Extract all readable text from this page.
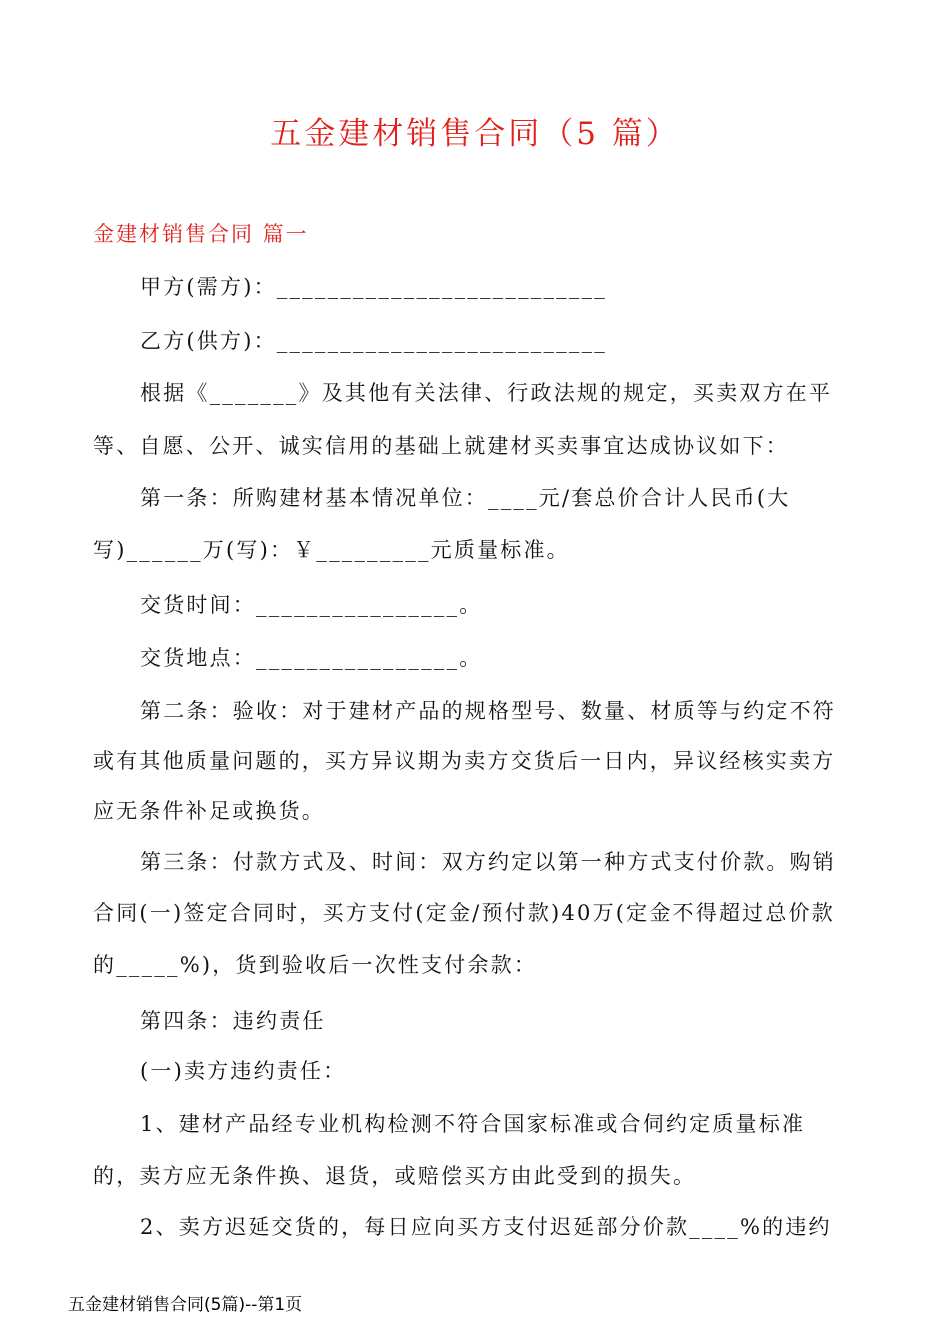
五金建材销售合同（5 篇）
金建材销售合同 篇一
甲方(需方)：__________________________
乙方(供方)：__________________________
根据《_______》及其他有关法律、行政法规的规定，买卖双方在平
等、自愿、公开、诚实信用的基础上就建材买卖事宜达成协议如下：
第一条：所购建材基本情况单位：____元/套总价合计人民币(大
写)______万(写)：￥_________元质量标准。
交货时间：________________。
交货地点：________________。
第二条：验收：对于建材产品的规格型号、数量、材质等与约定不符
或有其他质量问题的，买方异议期为卖方交货后一日内，异议经核实卖方
应无条件补足或换货。
第三条：付款方式及、时间：双方约定以第一种方式支付价款。购销
合同(一)签定合同时，买方支付(定金/预付款)40万(定金不得超过总价款
的_____%)，货到验收后一次性支付余款：
第四条：违约责任
(一)卖方违约责任：
1、建材产品经专业机构检测不符合国家标准或合伺约定质量标准
的，卖方应无条件换、退货，或赔偿买方由此受到的损失。
2、卖方迟延交货的，每日应向买方支付迟延部分价款____%的违约
五金建材销售合同(5篇)--第1页
